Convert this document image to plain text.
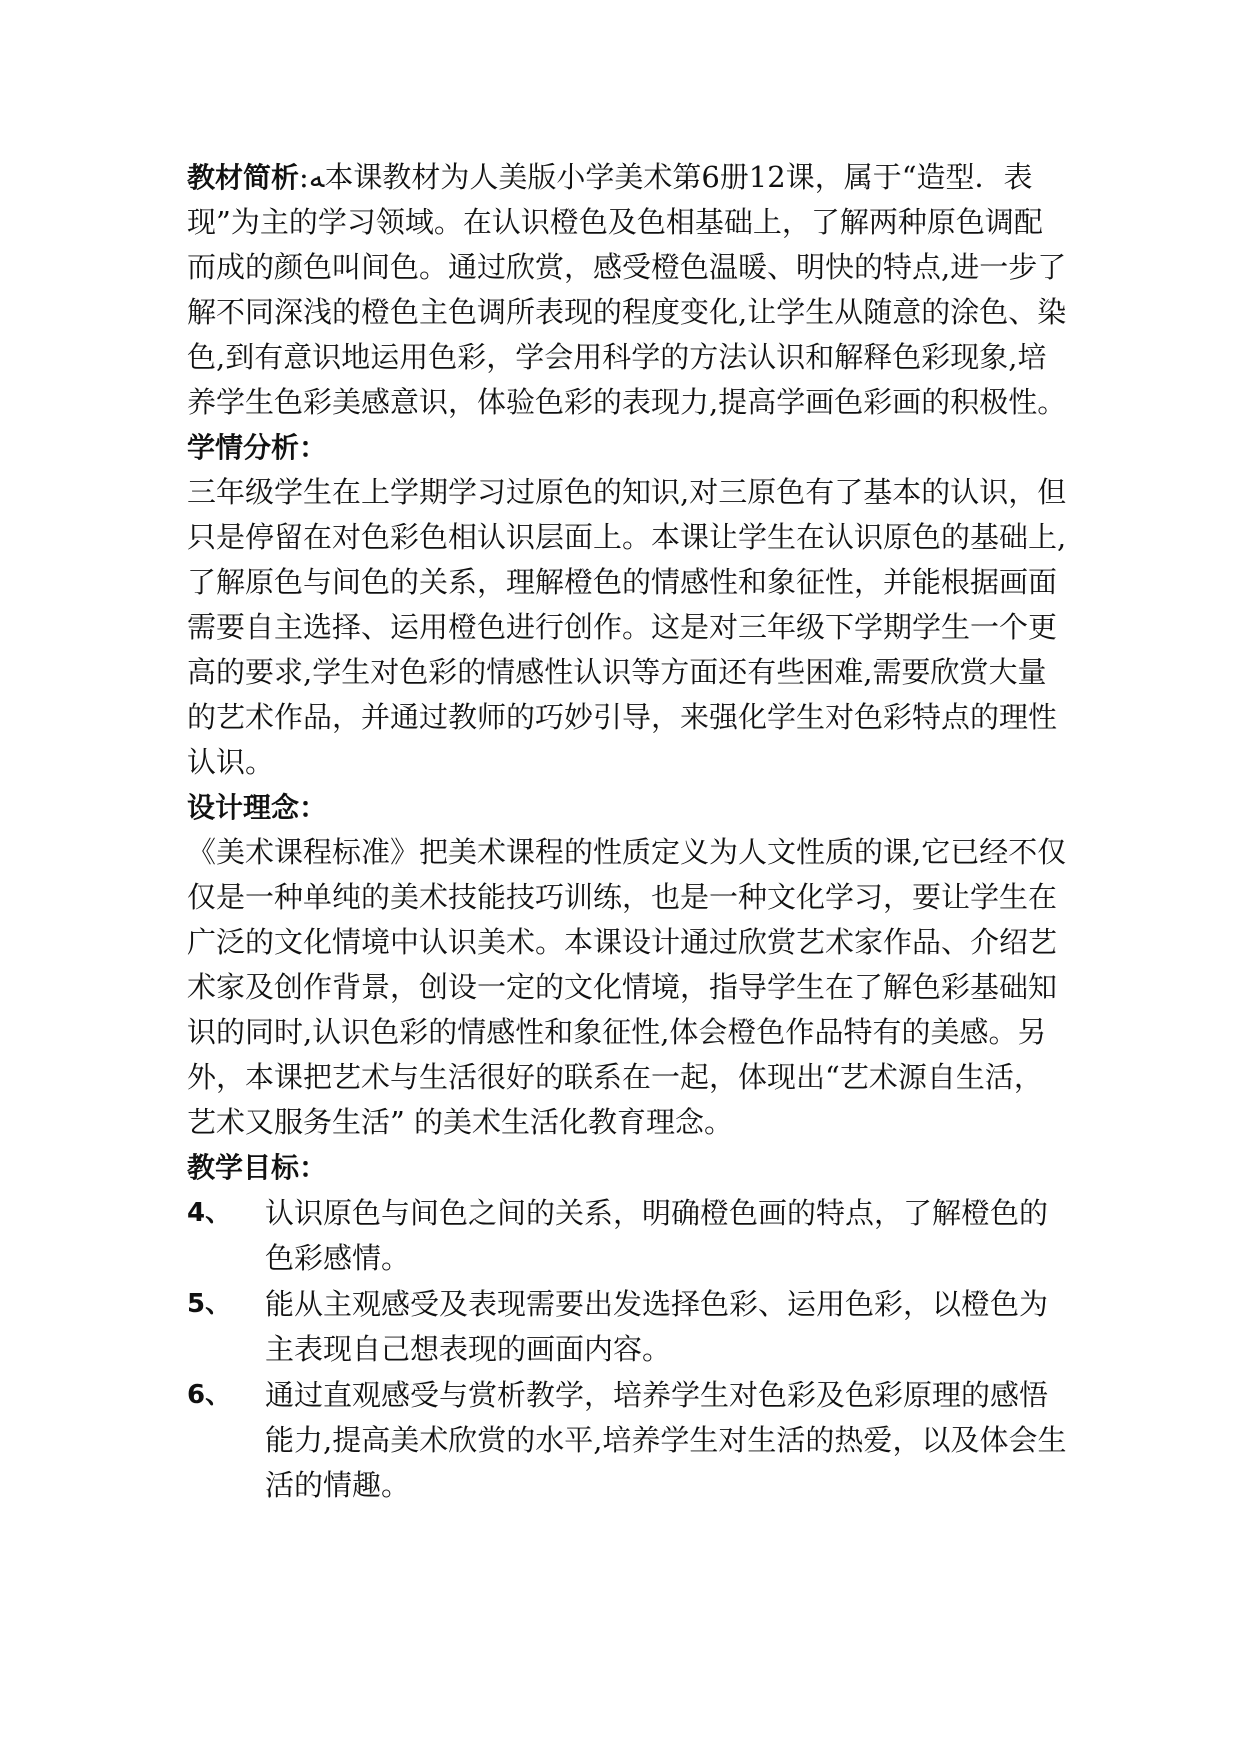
教材简析:ﻪ本课教材为人美版小学美术第6册12课，属于“造型．表现”为主的学习领域。在认识橙色及色相基础上，了解两种原色调配而成的颜色叫间色。通过欣赏，感受橙色温暖、明快的特点,进一步了解不同深浅的橙色主色调所表现的程度变化,让学生从随意的涂色、染色,到有意识地运用色彩，学会用科学的方法认识和解释色彩现象,培养学生色彩美感意识，体验色彩的表现力,提高学画色彩画的积极性。

学情分析：

三年级学生在上学期学习过原色的知识,对三原色有了基本的认识，但只是停留在对色彩色相认识层面上。本课让学生在认识原色的基础上,了解原色与间色的关系，理解橙色的情感性和象征性，并能根据画面需要自主选择、运用橙色进行创作。这是对三年级下学期学生一个更高的要求,学生对色彩的情感性认识等方面还有些困难,需要欣赏大量的艺术作品，并通过教师的巧妙引导，来强化学生对色彩特点的理性认识。

设计理念：

《美术课程标准》把美术课程的性质定义为人文性质的课,它已经不仅仅是一种单纯的美术技能技巧训练，也是一种文化学习，要让学生在广泛的文化情境中认识美术。本课设计通过欣赏艺术家作品、介绍艺术家及创作背景，创设一定的文化情境，指导学生在了解色彩基础知识的同时,认识色彩的情感性和象征性,体会橙色作品特有的美感。另外，本课把艺术与生活很好的联系在一起，体现出“艺术源自生活，艺术又服务生活” 的美术生活化教育理念。

教学目标：
4、	认识原色与间色之间的关系，明确橙色画的特点，了解橙色的色彩感情。
5、	能从主观感受及表现需要出发选择色彩、运用色彩，以橙色为主表现自己想表现的画面内容。
6、	通过直观感受与赏析教学，培养学生对色彩及色彩原理的感悟能力,提高美术欣赏的水平,培养学生对生活的热爱，以及体会生活的情趣。
